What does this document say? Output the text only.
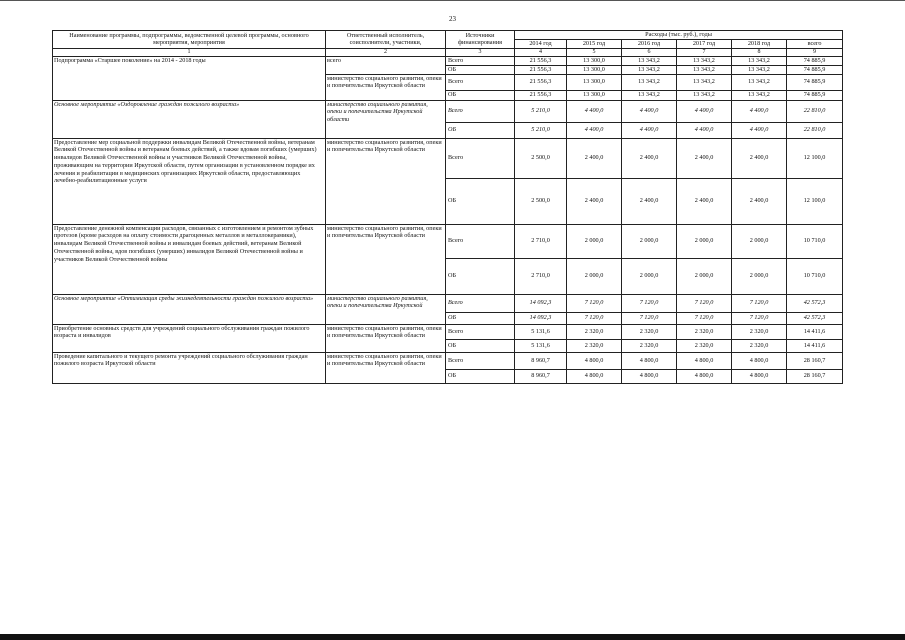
23
Наименование программы, подпрограммы, ведомственной целевой программы, основного мероприятия, мероприятия	Ответственный исполнитель, соисполнители, участники,	Источники финансирования	Расходы (тыс. руб.), годы					
			2014 год	2015 год	2016 год	2017 год	2018 год	всего
1	2	3	4	5	6	7	8	9
Подпрограмма «Старшее поколение» на 2014 - 2018 годы	всего	Всего	21 556,3	13 300,0	13 343,2	13 343,2	13 343,2	74 885,9
		ОБ	21 556,3	13 300,0	13 343,2	13 343,2	13 343,2	74 885,9
	министерство социального развития, опеки и попечительства Иркутской области	Всего	21 556,3	13 300,0	13 343,2	13 343,2	13 343,2	74 885,9
		ОБ	21 556,3	13 300,0	13 343,2	13 343,2	13 343,2	74 885,9
Основное мероприятие «Оздоровление граждан пожилого возраста»	министерство социального развития, опеки и попечительства Иркутской области	Всего	5 210,0	4 400,0	4 400,0	4 400,0	4 400,0	22 810,0
		ОБ	5 210,0	4 400,0	4 400,0	4 400,0	4 400,0	22 810,0
Предоставление мер социальной поддержки инвалидам Великой Отечественной войны, ветеранам Великой Отечественной войны и ветеранам боевых действий, а также вдовам погибших (умерших) инвалидов Великой Отечественной войны и участников Великой Отечественной войны, проживающим на территории Иркутской области, путем организации в установленном порядке их лечения и реабилитации в медицинских организациях Иркутской области, предоставляющих лечебно-реабилитационные услуги	министерство социального развития, опеки и попечительства Иркутской области	Всего	2 500,0	2 400,0	2 400,0	2 400,0	2 400,0	12 100,0
		ОБ	2 500,0	2 400,0	2 400,0	2 400,0	2 400,0	12 100,0
Предоставление денежной компенсации расходов, связанных с изготовлением и ремонтом зубных протезов (кроме расходов на оплату стоимости драгоценных металлов и металлокерамики), инвалидам Великой Отечественной войны и инвалидам боевых действий, ветеранам Великой Отечественной войны, вдов погибших (умерших) инвалидов Великой Отечественной войны и участников Великой Отечественной войны	министерство социального развития, опеки и попечительства Иркутской области	Всего	2 710,0	2 000,0	2 000,0	2 000,0	2 000,0	10 710,0
		ОБ	2 710,0	2 000,0	2 000,0	2 000,0	2 000,0	10 710,0
Основное мероприятие «Оптимизация среды жизнедеятельности граждан пожилого возраста»	министерство социального развития, опеки и попечительства Иркутской	Всего	14 092,3	7 120,0	7 120,0	7 120,0	7 120,0	42 572,3
		ОБ	14 092,3	7 120,0	7 120,0	7 120,0	7 120,0	42 572,3
Приобретение основных средств для учреждений социального обслуживания граждан пожилого возраста и инвалидов	министерство социального развития, опеки и попечительства Иркутской области	Всего	5 131,6	2 320,0	2 320,0	2 320,0	2 320,0	14 411,6
		ОБ	5 131,6	2 320,0	2 320,0	2 320,0	2 320,0	14 411,6
Проведение капитального и текущего ремонта учреждений социального обслуживания граждан пожилого возраста Иркутской области	министерство социального развития, опеки и попечительства Иркутской области	Всего	8 960,7	4 800,0	4 800,0	4 800,0	4 800,0	28 160,7
		ОБ	8 960,7	4 800,0	4 800,0	4 800,0	4 800,0	28 160,7
